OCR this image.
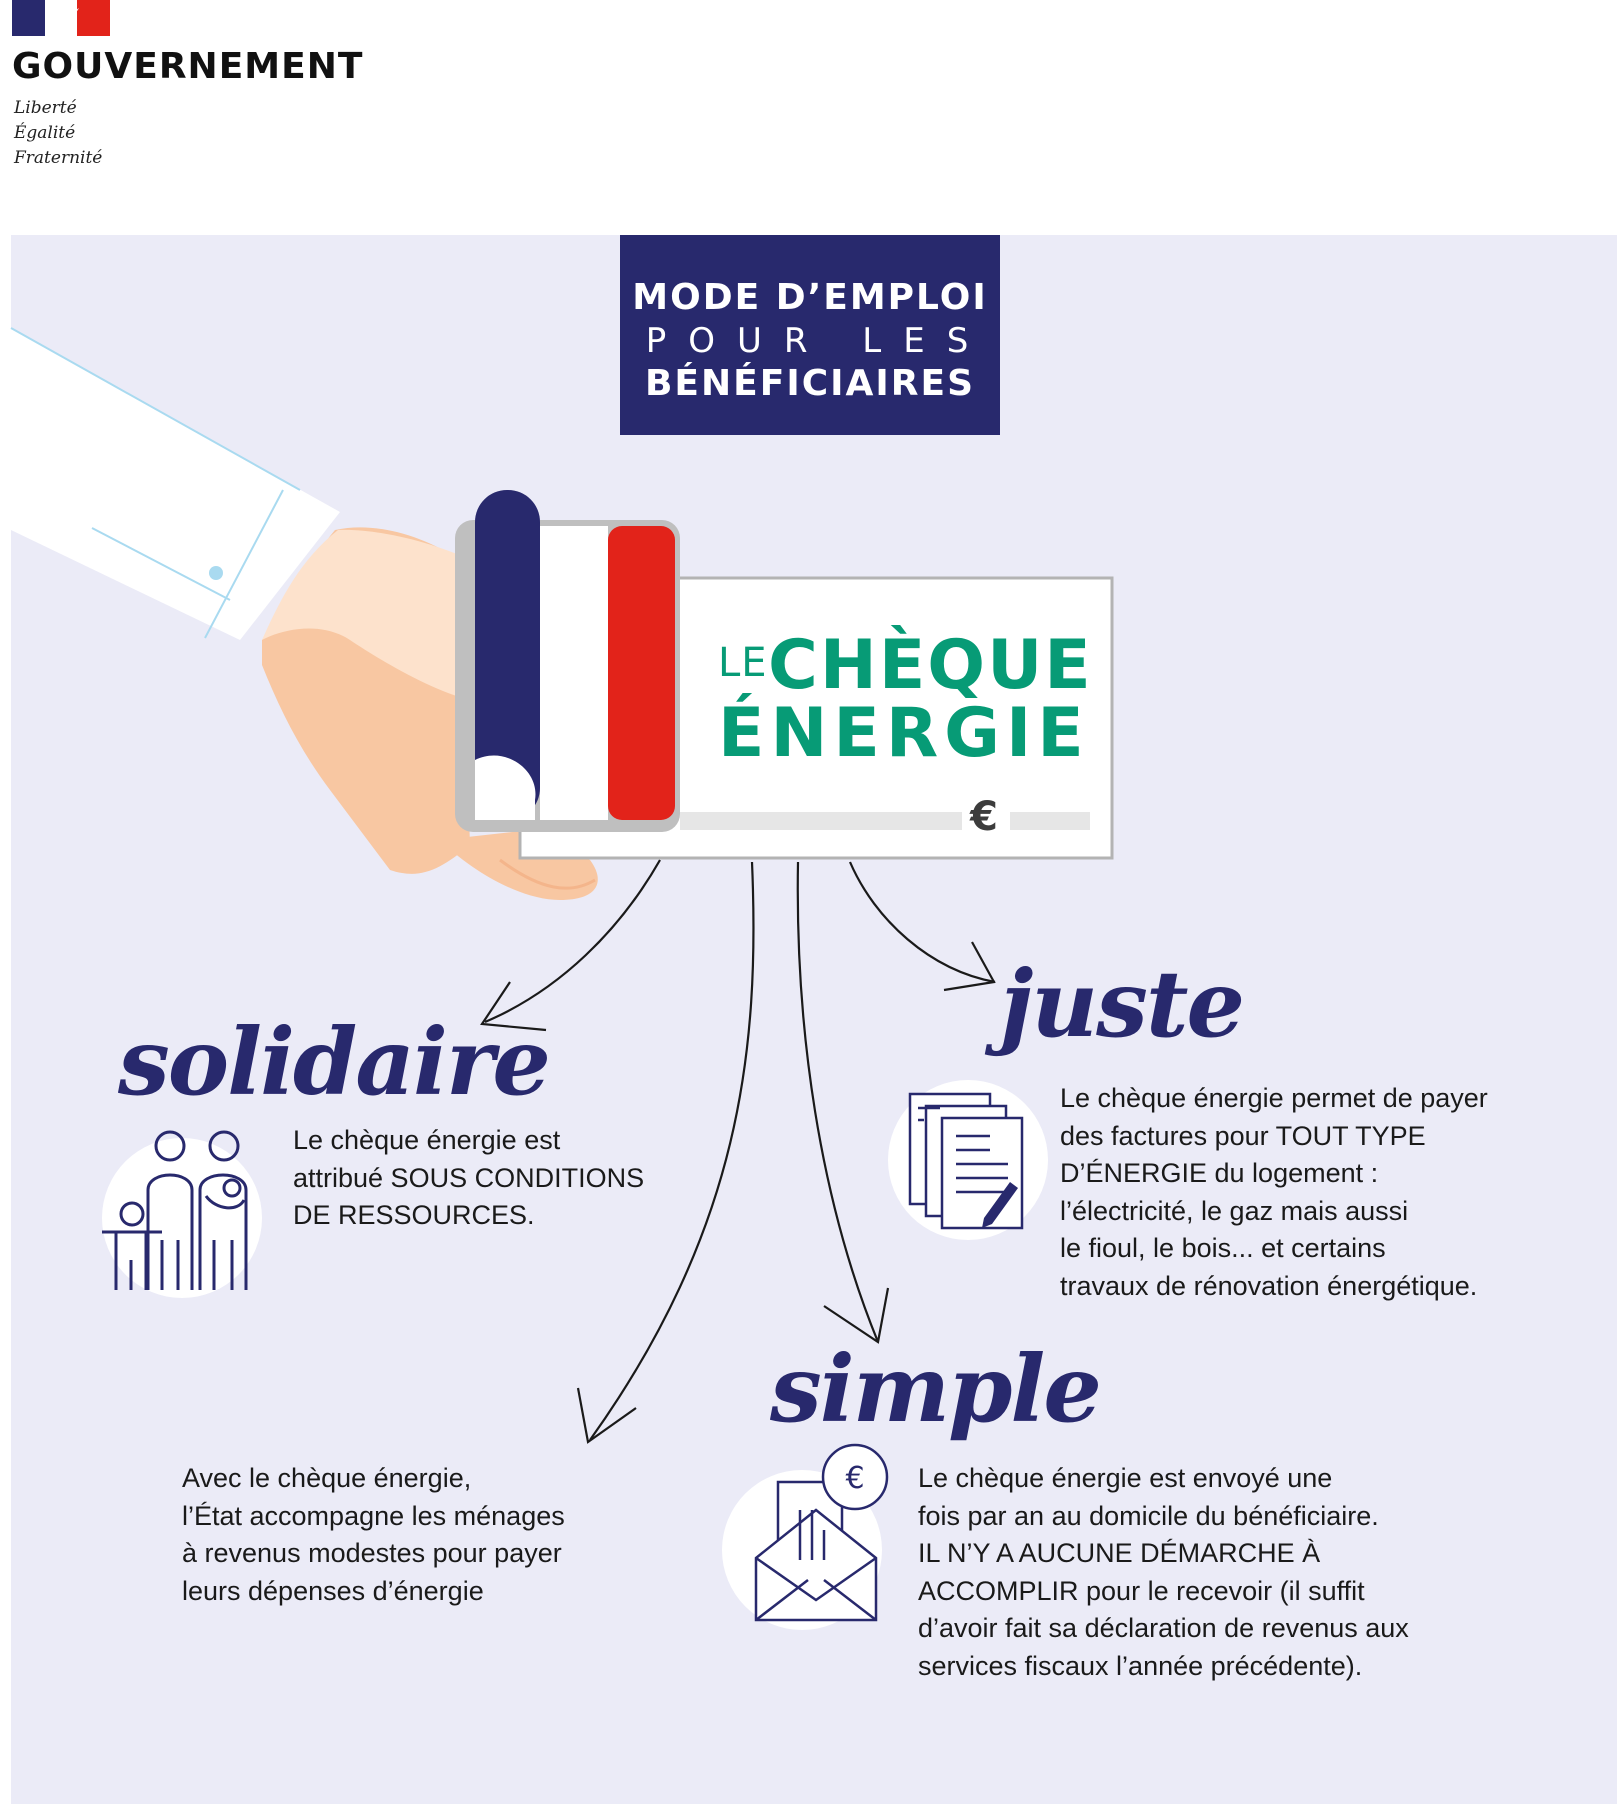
GOUVERNEMENT
Liberté
Égalité
Fraternité
€
€
MODE D’EMPLOI
POUR LES
BÉNÉFICIAIRES
LE CHÈQUE
ÉNERGIE
solidaire
juste
simple
Le chèque énergie est
attribué SOUS CONDITIONS
DE RESSOURCES.
Le chèque énergie permet de payer
des factures pour TOUT TYPE
D’ÉNERGIE du logement :
l’électricité, le gaz mais aussi
le fioul, le bois... et certains
travaux de rénovation énergétique.
Avec le chèque énergie,
l’État accompagne les ménages
à revenus modestes pour payer
leurs dépenses d’énergie
Le chèque énergie est envoyé une
fois par an au domicile du bénéficiaire.
IL N’Y A AUCUNE DÉMARCHE À
ACCOMPLIR pour le recevoir (il suffit
d’avoir fait sa déclaration de revenus aux
services fiscaux l’année précédente).
